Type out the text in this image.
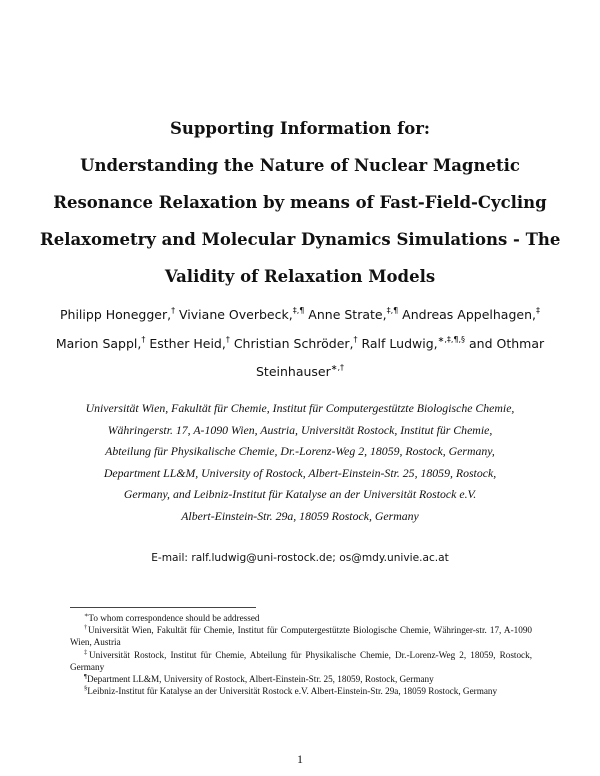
Supporting Information for:
Understanding the Nature of Nuclear Magnetic
Resonance Relaxation by means of Fast-Field-Cycling
Relaxometry and Molecular Dynamics Simulations - The
Validity of Relaxation Models
Philipp Honegger,† Viviane Overbeck,‡,¶ Anne Strate,‡,¶ Andreas Appelhagen,‡
Marion Sappl,† Esther Heid,† Christian Schröder,† Ralf Ludwig,∗,‡,¶,§ and Othmar
Steinhauser∗,†
Universität Wien, Fakultät für Chemie, Institut für Computergestützte Biologische Chemie,
Währingerstr. 17, A-1090 Wien, Austria, Universität Rostock, Institut für Chemie,
Abteilung für Physikalische Chemie, Dr.-Lorenz-Weg 2, 18059, Rostock, Germany,
Department LL&M, University of Rostock, Albert-Einstein-Str. 25, 18059, Rostock,
Germany, and Leibniz-Institut für Katalyse an der Universität Rostock e.V.
Albert-Einstein-Str. 29a, 18059 Rostock, Germany
E-mail: ralf.ludwig@uni-rostock.de; os@mdy.univie.ac.at

∗To whom correspondence should be addressed

†Universität Wien, Fakultät für Chemie, Institut für Computergestützte Biologische Chemie, Währinger-str. 17, A-1090 Wien, Austria

‡Universität Rostock, Institut für Chemie, Abteilung für Physikalische Chemie, Dr.-Lorenz-Weg 2, 18059, Rostock, Germany

¶Department LL&M, University of Rostock, Albert-Einstein-Str. 25, 18059, Rostock, Germany

§Leibniz-Institut für Katalyse an der Universität Rostock e.V. Albert-Einstein-Str. 29a, 18059 Rostock, Germany

1
